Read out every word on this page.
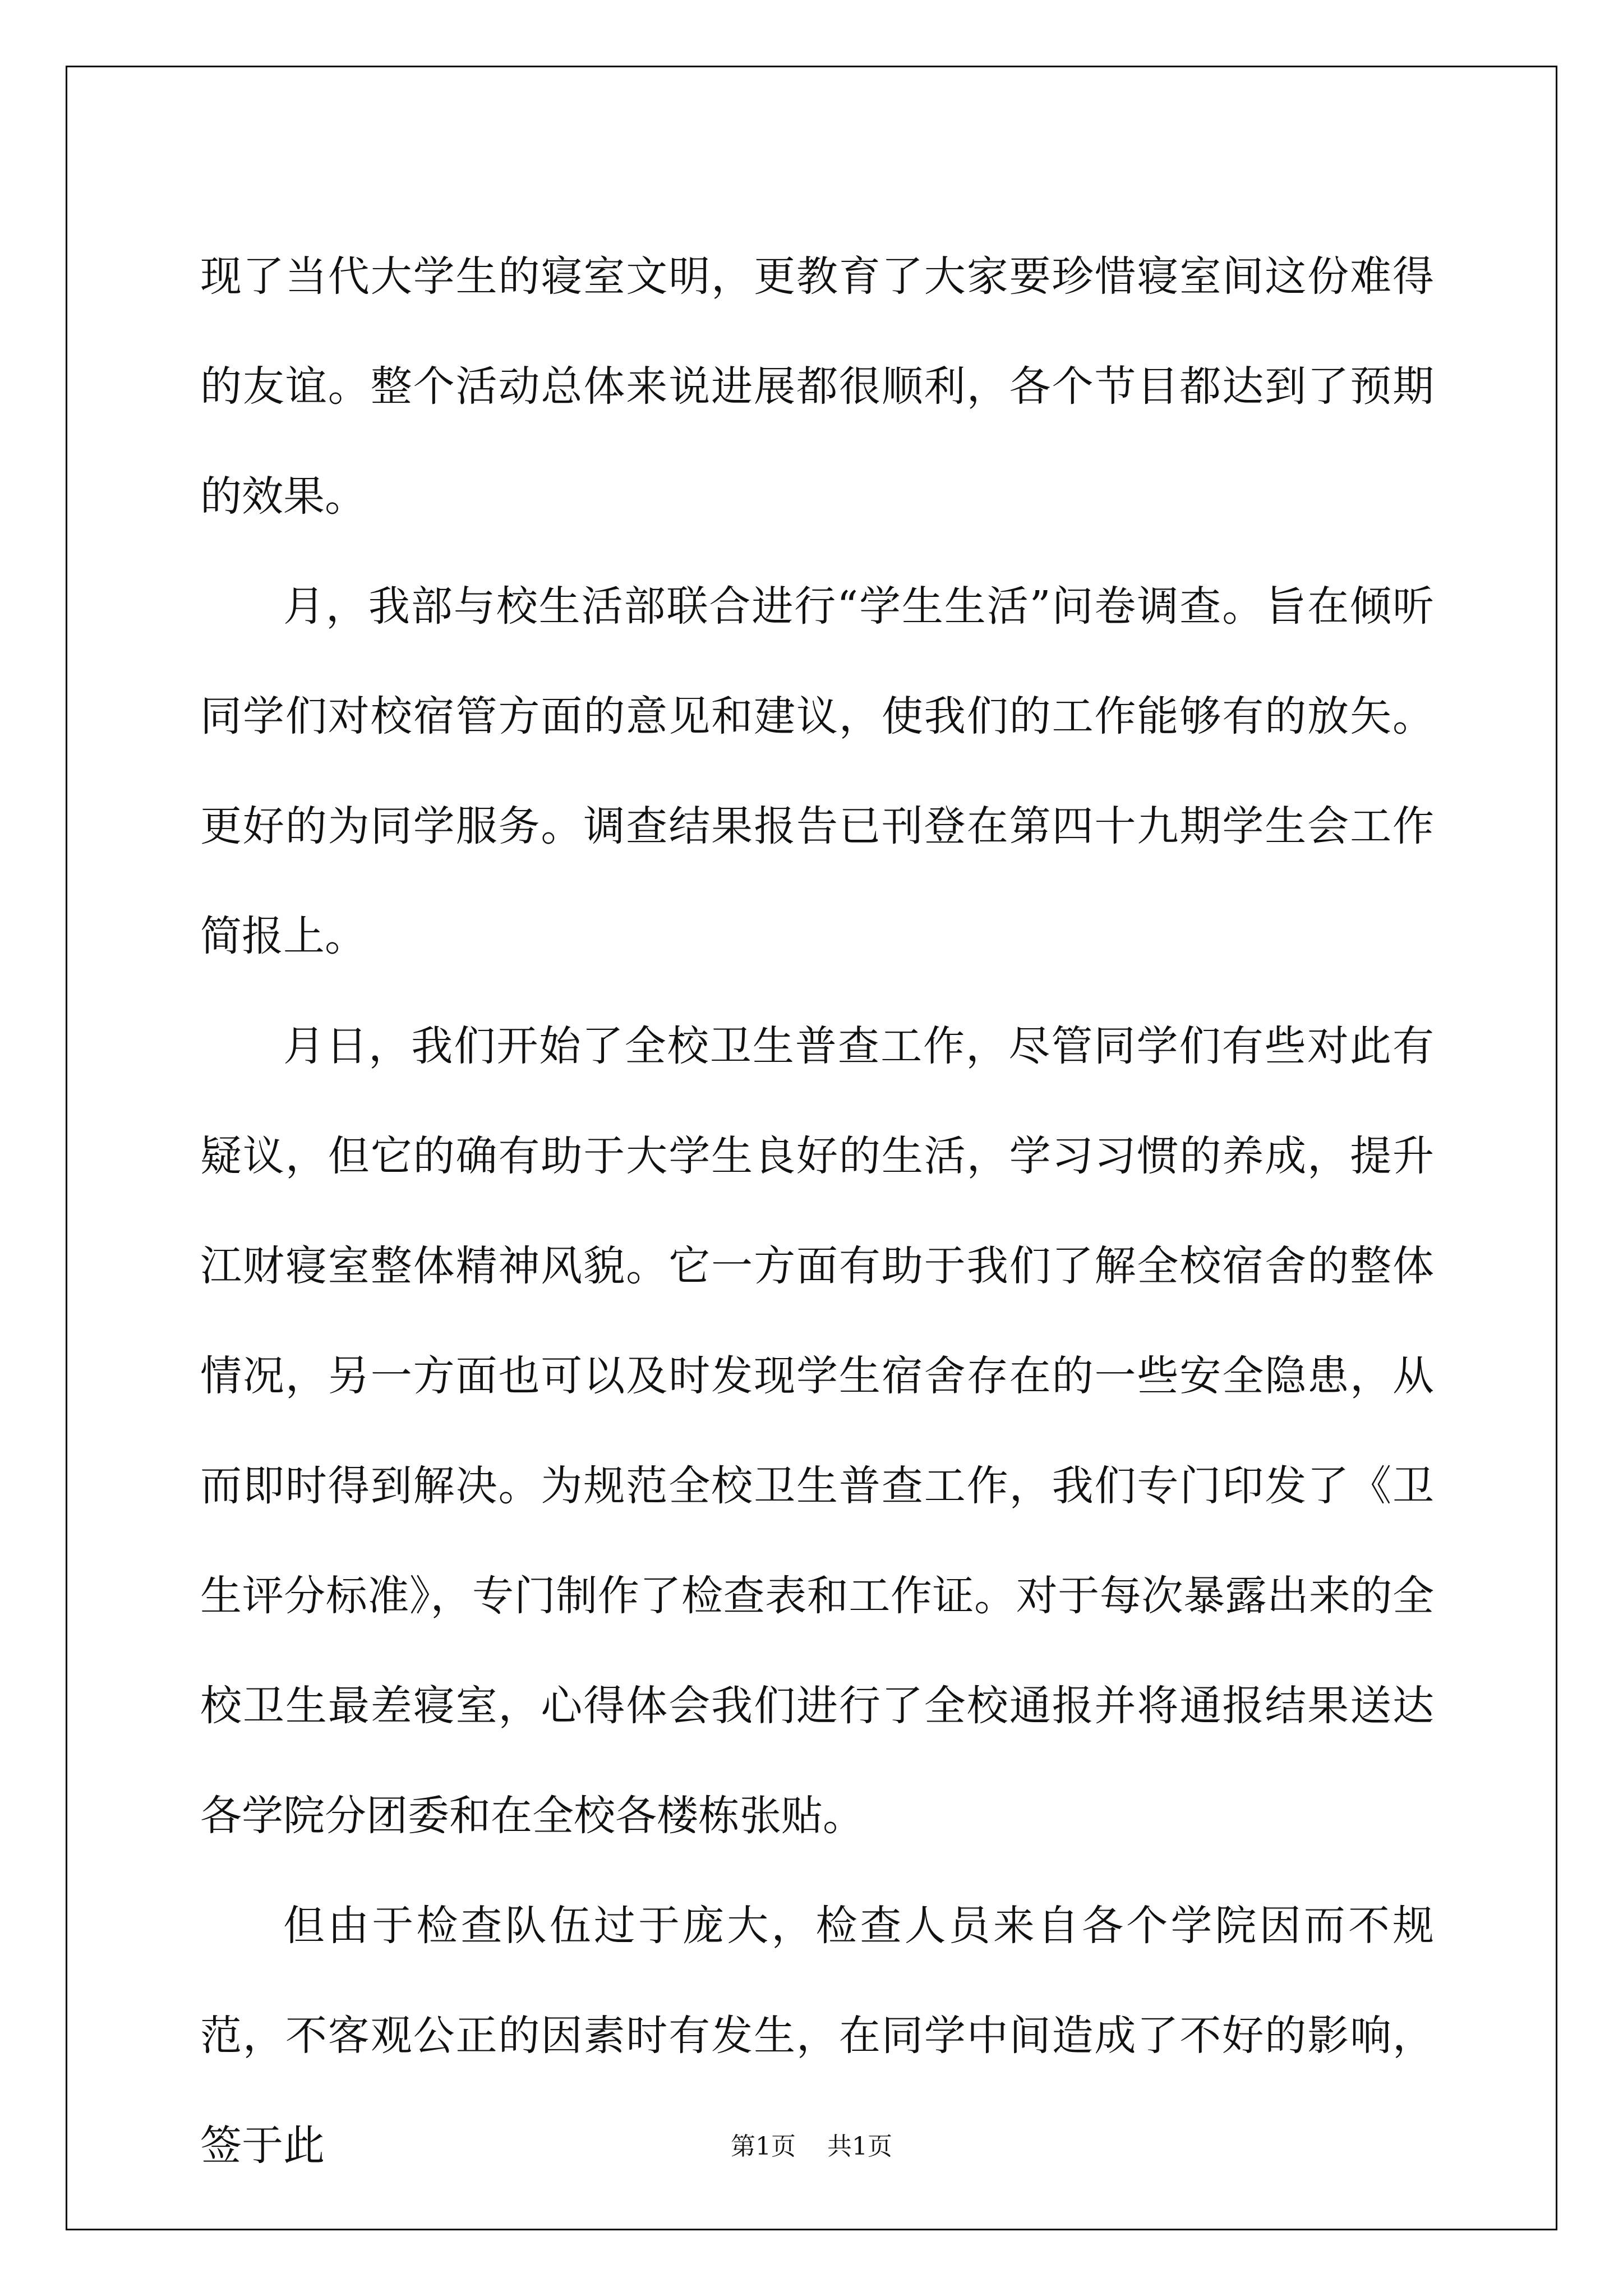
现了当代大学生的寝室文明，更教育了大家要珍惜寝室间这份难得的友谊。整个活动总体来说进展都很顺利，各个节目都达到了预期的效果。

月，我部与校生活部联合进行“学生生活”问卷调查。旨在倾听同学们对校宿管方面的意见和建议，使我们的工作能够有的放矢。更好的为同学服务。调查结果报告已刊登在第四十九期学生会工作简报上。

月日，我们开始了全校卫生普查工作，尽管同学们有些对此有疑议，但它的确有助于大学生良好的生活，学习习惯的养成，提升江财寝室整体精神风貌。它一方面有助于我们了解全校宿舍的整体情况，另一方面也可以及时发现学生宿舍存在的一些安全隐患，从而即时得到解决。为规范全校卫生普查工作，我们专门印发了《卫生评分标准》，专门制作了检查表和工作证。对于每次暴露出来的全校卫生最差寝室，心得体会我们进行了全校通报并将通报结果送达各学院分团委和在全校各楼栋张贴。

但由于检查队伍过于庞大，检查人员来自各个学院因而不规范，不客观公正的因素时有发生，在同学中间造成了不好的影响，签于此	第1页 共1页
